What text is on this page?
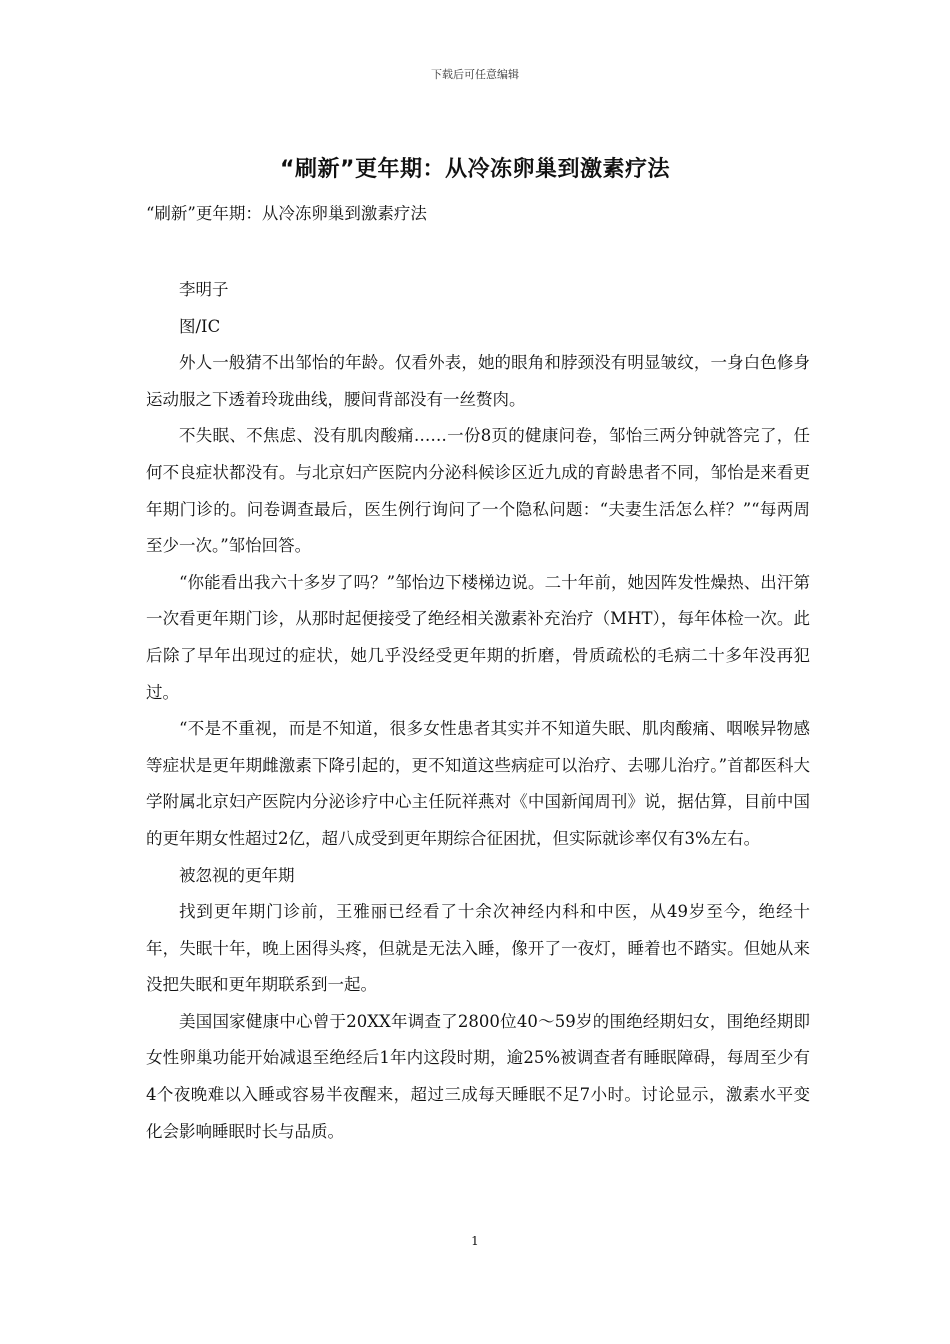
下载后可任意编辑
“刷新”更年期：从冷冻卵巢到激素疗法

“刷新”更年期：从冷冻卵巢到激素疗法

李明子

图/IC

外人一般猜不出邹怡的年龄。仅看外表，她的眼角和脖颈没有明显皱纹，一身白色修身运动服之下透着玲珑曲线，腰间背部没有一丝赘肉。

不失眠、不焦虑、没有肌肉酸痛……一份8页的健康问卷，邹怡三两分钟就答完了，任何不良症状都没有。与北京妇产医院内分泌科候诊区近九成的育龄患者不同，邹怡是来看更年期门诊的。问卷调查最后，医生例行询问了一个隐私问题：“夫妻生活怎么样？”“每两周至少一次。”邹怡回答。

“你能看出我六十多岁了吗？”邹怡边下楼梯边说。二十年前，她因阵发性燥热、出汗第一次看更年期门诊，从那时起便接受了绝经相关激素补充治疗（MHT），每年体检一次。此后除了早年出现过的症状，她几乎没经受更年期的折磨，骨质疏松的毛病二十多年没再犯过。

“不是不重视，而是不知道，很多女性患者其实并不知道失眠、肌肉酸痛、咽喉异物感等症状是更年期雌激素下降引起的，更不知道这些病症可以治疗、去哪儿治疗。”首都医科大学附属北京妇产医院内分泌诊疗中心主任阮祥燕对《中国新闻周刊》说，据估算，目前中国的更年期女性超过2亿，超八成受到更年期综合征困扰，但实际就诊率仅有3%左右。

被忽视的更年期

找到更年期门诊前，王雅丽已经看了十余次神经内科和中医，从49岁至今，绝经十年，失眠十年，晚上困得头疼，但就是无法入睡，像开了一夜灯，睡着也不踏实。但她从来没把失眠和更年期联系到一起。

美国国家健康中心曾于20XX年调查了2800位40～59岁的围绝经期妇女，围绝经期即女性卵巢功能开始减退至绝经后1年内这段时期，逾25%被调查者有睡眠障碍，每周至少有4个夜晚难以入睡或容易半夜醒来，超过三成每天睡眠不足7小时。讨论显示，激素水平变化会影响睡眠时长与品质。

1
